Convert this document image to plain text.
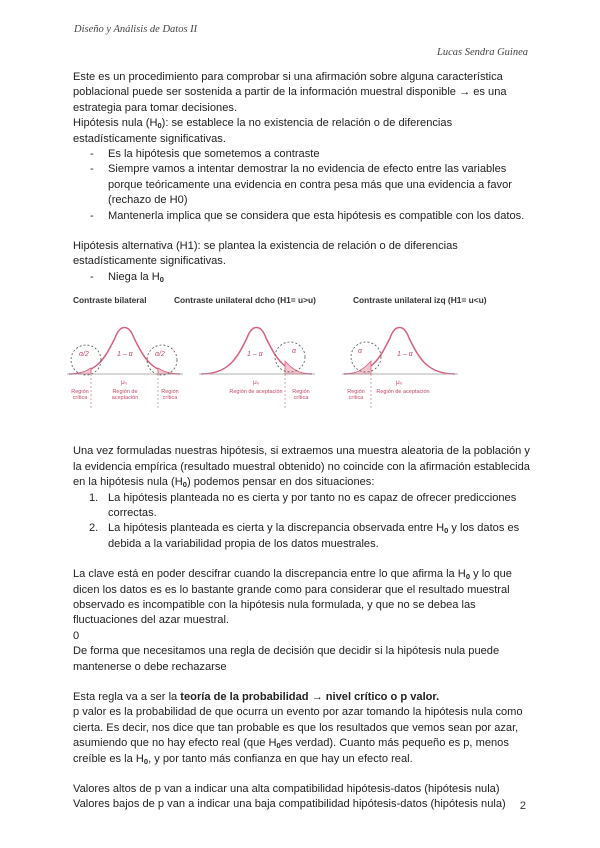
Diseño y Análisis de Datos II
Lucas Sendra Guinea

Este es un procedimiento para comprobar si una afirmación sobre alguna característica poblacional puede ser sostenida a partir de la información muestral disponible → es una estrategia para tomar decisiones.

Hipótesis nula $(H_0)$: se establece la no existencia de relación o de diferencias estadísticamente significativas.

- Es la hipótesis que sometemos a contraste
- Siempre vamos a intentar demostrar la no evidencia de efecto entre las variables porque teóricamente una evidencia en contra pesa más que una evidencia a favor (rechazo de H0)
- Mantenerla implica que se considera que esta hipótesis es compatible con los datos.

Hipótesis alternativa (H1): se plantea la existencia de relación o de diferencias estadísticamente significativas.

- Niega la $H_0$
Contraste bilateral	Contraste unilateral dcho (H1= u>u)	Contraste unilateral izq (H1= u<u)
α/2	α/2
1 – α
μ₀
Región crítica
Región de aceptación
Región crítica
α
1 – α
μ₀
Región de aceptación	Región crítica
α	1 – α
μ₀
Región crítica
Región de aceptación

Una vez formuladas nuestras hipótesis, si extraemos una muestra aleatoria de la población y la evidencia empírica (resultado muestral obtenido) no coincide con la afirmación establecida en la hipótesis nula $(H_0)$ podemos pensar en dos situaciones:

1. La hipótesis planteada no es cierta y por tanto no es capaz de ofrecer predicciones correctas.
2. La hipótesis planteada es cierta y la discrepancia observada entre $H_0$ y los datos es debida a la variabilidad propia de los datos muestrales.

La clave está en poder descifrar cuando la discrepancia entre lo que afirma la $H_0$ y lo que dicen los datos es es lo bastante grande como para considerar que el resultado muestral observado es incompatible con la hipótesis nula formulada, y que no se debea las fluctuaciones del azar muestral.

0

De forma que necesitamos una regla de decisión que decidir si la hipótesis nula puede mantenerse o debe rechazarse

Esta regla va a ser la teoría de la probabilidad → nivel crítico o p valor.

p valor es la probabilidad de que ocurra un evento por azar tomando la hipótesis nula como cierta. Es decir, nos dice que tan probable es que los resultados que vemos sean por azar, asumiendo que no hay efecto real (que $H_0es$ verdad). Cuanto más pequeño es p, menos creíble es la $H_0$, y por tanto más confianza en que hay un efecto real.

Valores altos de p van a indicar una alta compatibilidad hipótesis-datos (hipótesis nula)

Valores bajos de p van a indicar una baja compatibilidad hipótesis-datos (hipótesis nula)	2
